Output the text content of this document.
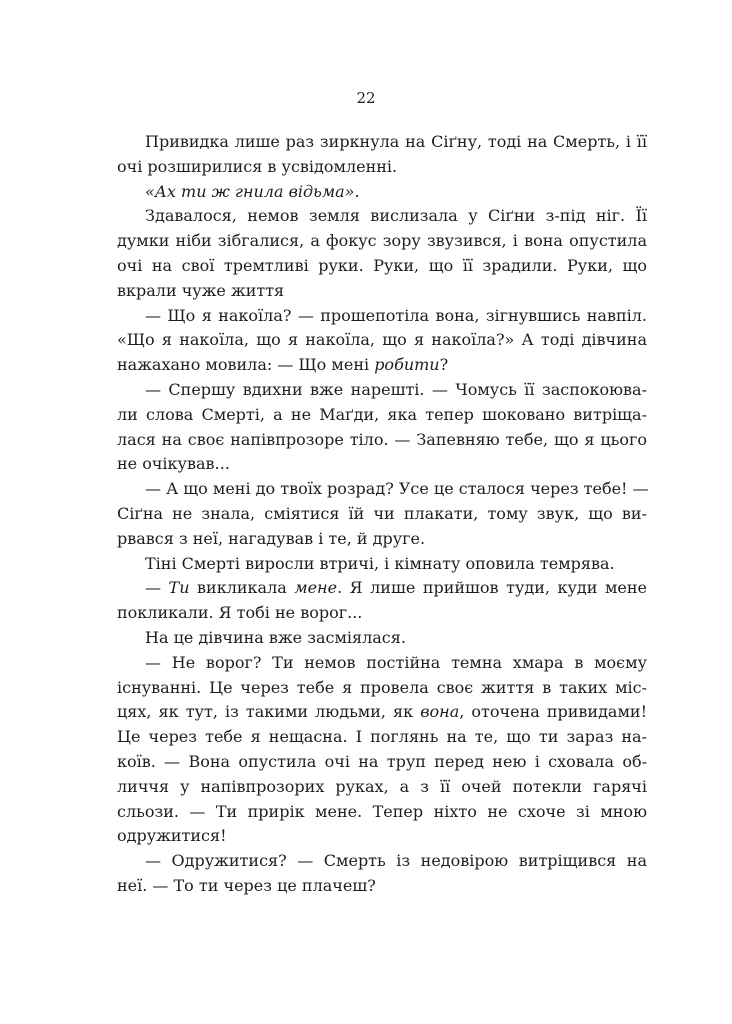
22
Привидка лише раз зиркнула на Сіґну, тоді на Смерть, і її
очі розширилися в усвідомленні.
«Ах ти ж гнила відьма».
Здавалося, немов земля вислизала у Сіґни з-під ніг. Її
думки ніби зібгалися, а фокус зору звузився, і вона опустила
очі на свої тремтливі руки. Руки, що її зрадили. Руки, що
вкрали чуже життя
— Що я накоїла? — прошепотіла вона, зігнувшись навпіл.
«Що я накоїла, що я накоїла, що я накоїла?» А тоді дівчина
нажахано мовила: — Що мені робити?
— Спершу вдихни вже нарешті. — Чомусь її заспокоюва-
ли слова Смерті, а не Маґди, яка тепер шоковано витріща-
лася на своє напівпрозоре тіло. — Запевняю тебе, що я цього
не очікував...
— А що мені до твоїх розрад? Усе це сталося через тебе! —
Сіґна не знала, сміятися їй чи плакати, тому звук, що ви-
рвався з неї, нагадував і те, й друге.
Тіні Смерті виросли втричі, і кімнату оповила темрява.
— Ти викликала мене. Я лише прийшов туди, куди мене
покликали. Я тобі не ворог...
На це дівчина вже засміялася.
— Не ворог? Ти немов постійна темна хмара в моєму
існуванні. Це через тебе я провела своє життя в таких міс-
цях, як тут, із такими людьми, як вона, оточена привидами!
Це через тебе я нещасна. І поглянь на те, що ти зараз на-
коїв. — Вона опустила очі на труп перед нею і сховала об-
личчя у напівпрозорих руках, а з її очей потекли гарячі
сльози. — Ти прирік мене. Тепер ніхто не схоче зі мною
одружитися!
— Одружитися? — Смерть із недовірою витріщився на
неї. — То ти через це плачеш?
